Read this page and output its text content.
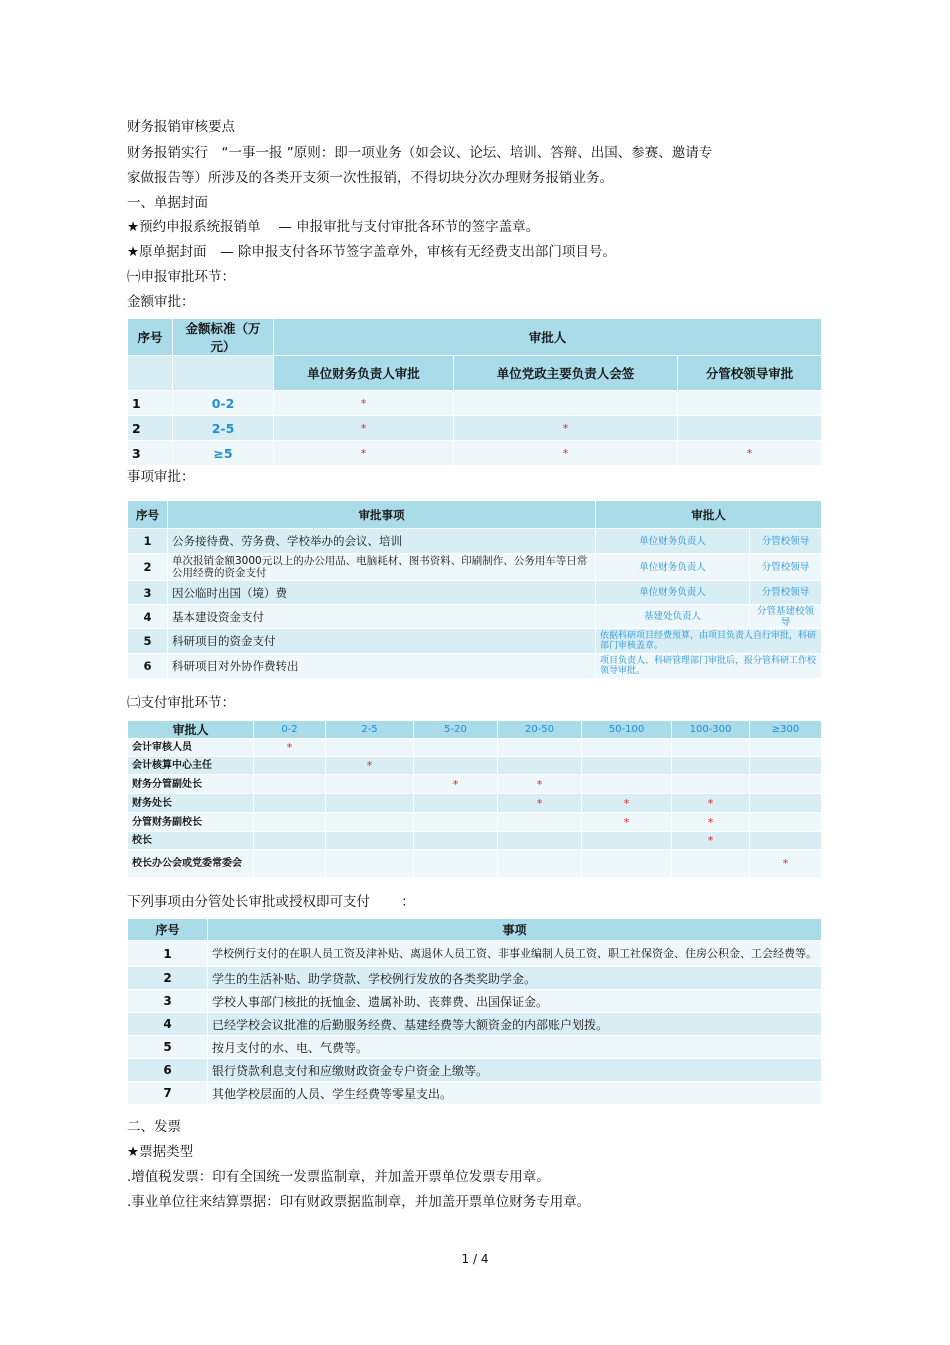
财务报销审核要点
财务报销实行　“一事一报 ”原则：即一项业务（如会议、论坛、培训、答辩、出国、参赛、邀请专
家做报告等）所涉及的各类开支须一次性报销，不得切块分次办理财务报销业务。
一、单据封面
★预约申报系统报销单　 — 申报审批与支付审批各环节的签字盖章。
★原单据封面　— 除申报支付各环节签字盖章外，审核有无经费支出部门项目号。
㈠申报审批环节：
金额审批：
序号	金额标准（万元）	审批人		
		单位财务负责人审批	单位党政主要负责人会签	分管校领导审批
1	0-2	*		
2	2-5	*	*	
3	≥5	*	*	*
事项审批：
序号	审批事项	审批人	
1	公务接待费、劳务费、学校举办的会议、培训	单位财务负责人	分管校领导
2	单次报销金额3000元以上的办公用品、电脑耗材、图书资料、印刷制作、公务用车等日常公用经费的资金支付	单位财务负责人	分管校领导
3	因公临时出国（境）费	单位财务负责人	分管校领导
4	基本建设资金支付	基建处负责人	分管基建校领导
5	科研项目的资金支付	依据科研项目经费预算，由项目负责人自行审批，科研部门审核盖章。	
6	科研项目对外协作费转出	项目负责人、科研管理部门审批后，报分管科研工作校领导审批。	
㈡支付审批环节：
审批人	0-2	2-5	5-20	20-50	50-100	100-300	≥300
会计审核人员	*						
会计核算中心主任		*					
财务分管副处长			*	*			
财务处长				*	*	*	
分管财务副校长					*	*	
校长						*	
校长办公会或党委常委会							*
下列事项由分管处长审批或授权即可支付　　 ：
序号	事项
1	学校例行支付的在职人员工资及津补贴、离退休人员工资、非事业编制人员工资、职工社保资金、住房公积金、工会经费等。
2	学生的生活补贴、助学贷款、学校例行发放的各类奖助学金。
3	学校人事部门核批的抚恤金、遗属补助、丧葬费、出国保证金。
4	已经学校会议批准的后勤服务经费、基建经费等大额资金的内部账户划拨。
5	按月支付的水、电、气费等。
6	银行贷款利息支付和应缴财政资金专户资金上缴等。
7	其他学校层面的人员、学生经费等零星支出。
二、发票
★票据类型
.增值税发票：印有全国统一发票监制章，并加盖开票单位发票专用章。
.事业单位往来结算票据：印有财政票据监制章，并加盖开票单位财务专用章。
1 / 4
